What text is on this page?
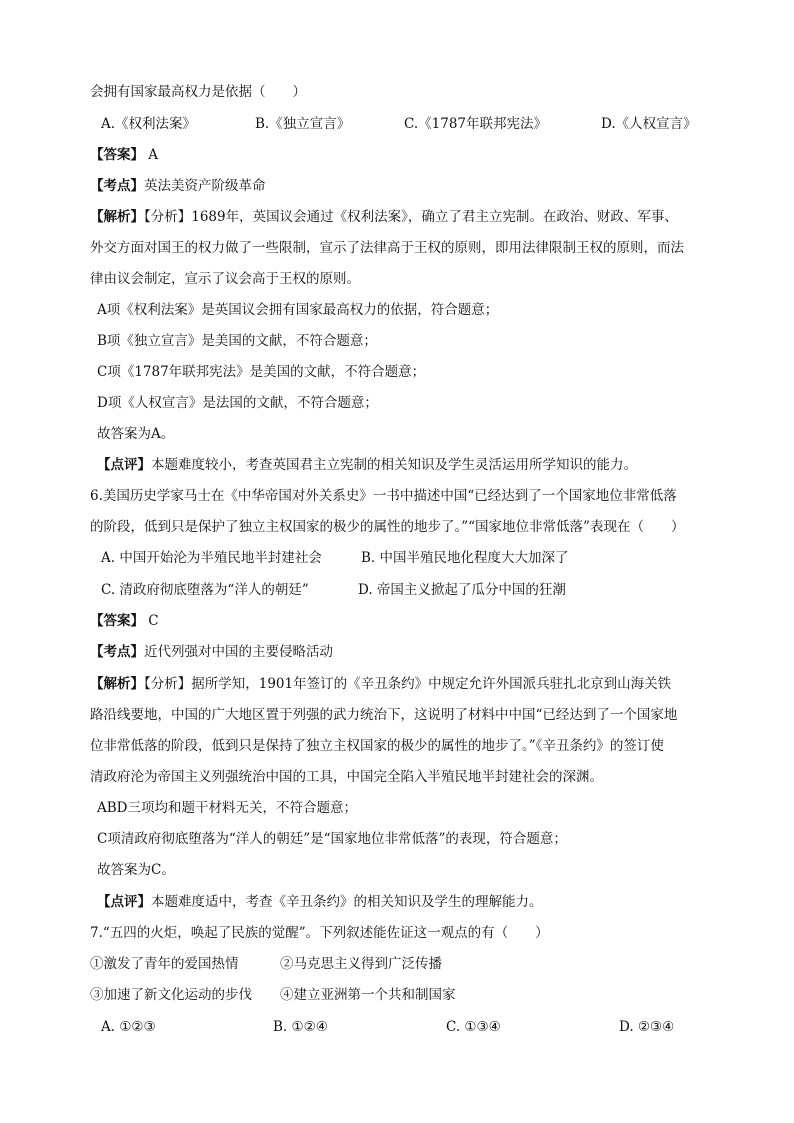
会拥有国家最高权力是依据（　　）
A.《权利法案》	B.《独立宣言》	C.《1787年联邦宪法》	D.《人权宣言》
【答案】 A
【考点】英法美资产阶级革命
【解析】【分析】1689年，英国议会通过《权利法案》，确立了君主立宪制。在政治、财政、军事、
外交方面对国王的权力做了一些限制，宣示了法律高于王权的原则，即用法律限制王权的原则，而法
律由议会制定，宣示了议会高于王权的原则。
A项《权利法案》是英国议会拥有国家最高权力的依据，符合题意；
B项《独立宣言》是美国的文献，不符合题意；
C项《1787年联邦宪法》是美国的文献，不符合题意；
D项《人权宣言》是法国的文献，不符合题意；
故答案为A。
【点评】本题难度较小，考查英国君主立宪制的相关知识及学生灵活运用所学知识的能力。
6.美国历史学家马士在《中华帝国对外关系史》一书中描述中国“已经达到了一个国家地位非常低落
的阶段，低到只是保护了独立主权国家的极少的属性的地步了。”“国家地位非常低落”表现在（　　）
A. 中国开始沦为半殖民地半封建社会	B. 中国半殖民地化程度大大加深了
C. 清政府彻底堕落为“洋人的朝廷”	D. 帝国主义掀起了瓜分中国的狂潮
【答案】 C
【考点】近代列强对中国的主要侵略活动
【解析】【分析】据所学知，1901年签订的《辛丑条约》中规定允许外国派兵驻扎北京到山海关铁
路沿线要地，中国的广大地区置于列强的武力统治下，这说明了材料中中国“已经达到了一个国家地
位非常低落的阶段，低到只是保持了独立主权国家的极少的属性的地步了。”《辛丑条约》的签订使
清政府沦为帝国主义列强统治中国的工具，中国完全陷入半殖民地半封建社会的深渊。
ABD三项均和题干材料无关，不符合题意；
C项清政府彻底堕落为“洋人的朝廷”是“国家地位非常低落”的表现，符合题意；
故答案为C。
【点评】本题难度适中，考查《辛丑条约》的相关知识及学生的理解能力。
7.“五四的火炬，唤起了民族的觉醒”。下列叙述能佐证这一观点的有（　　）
①激发了青年的爱国热情	②马克思主义得到广泛传播
③加速了新文化运动的步伐 ④建立亚洲第一个共和制国家
A. ①②③	B. ①②④	C. ①③④	D. ②③④
